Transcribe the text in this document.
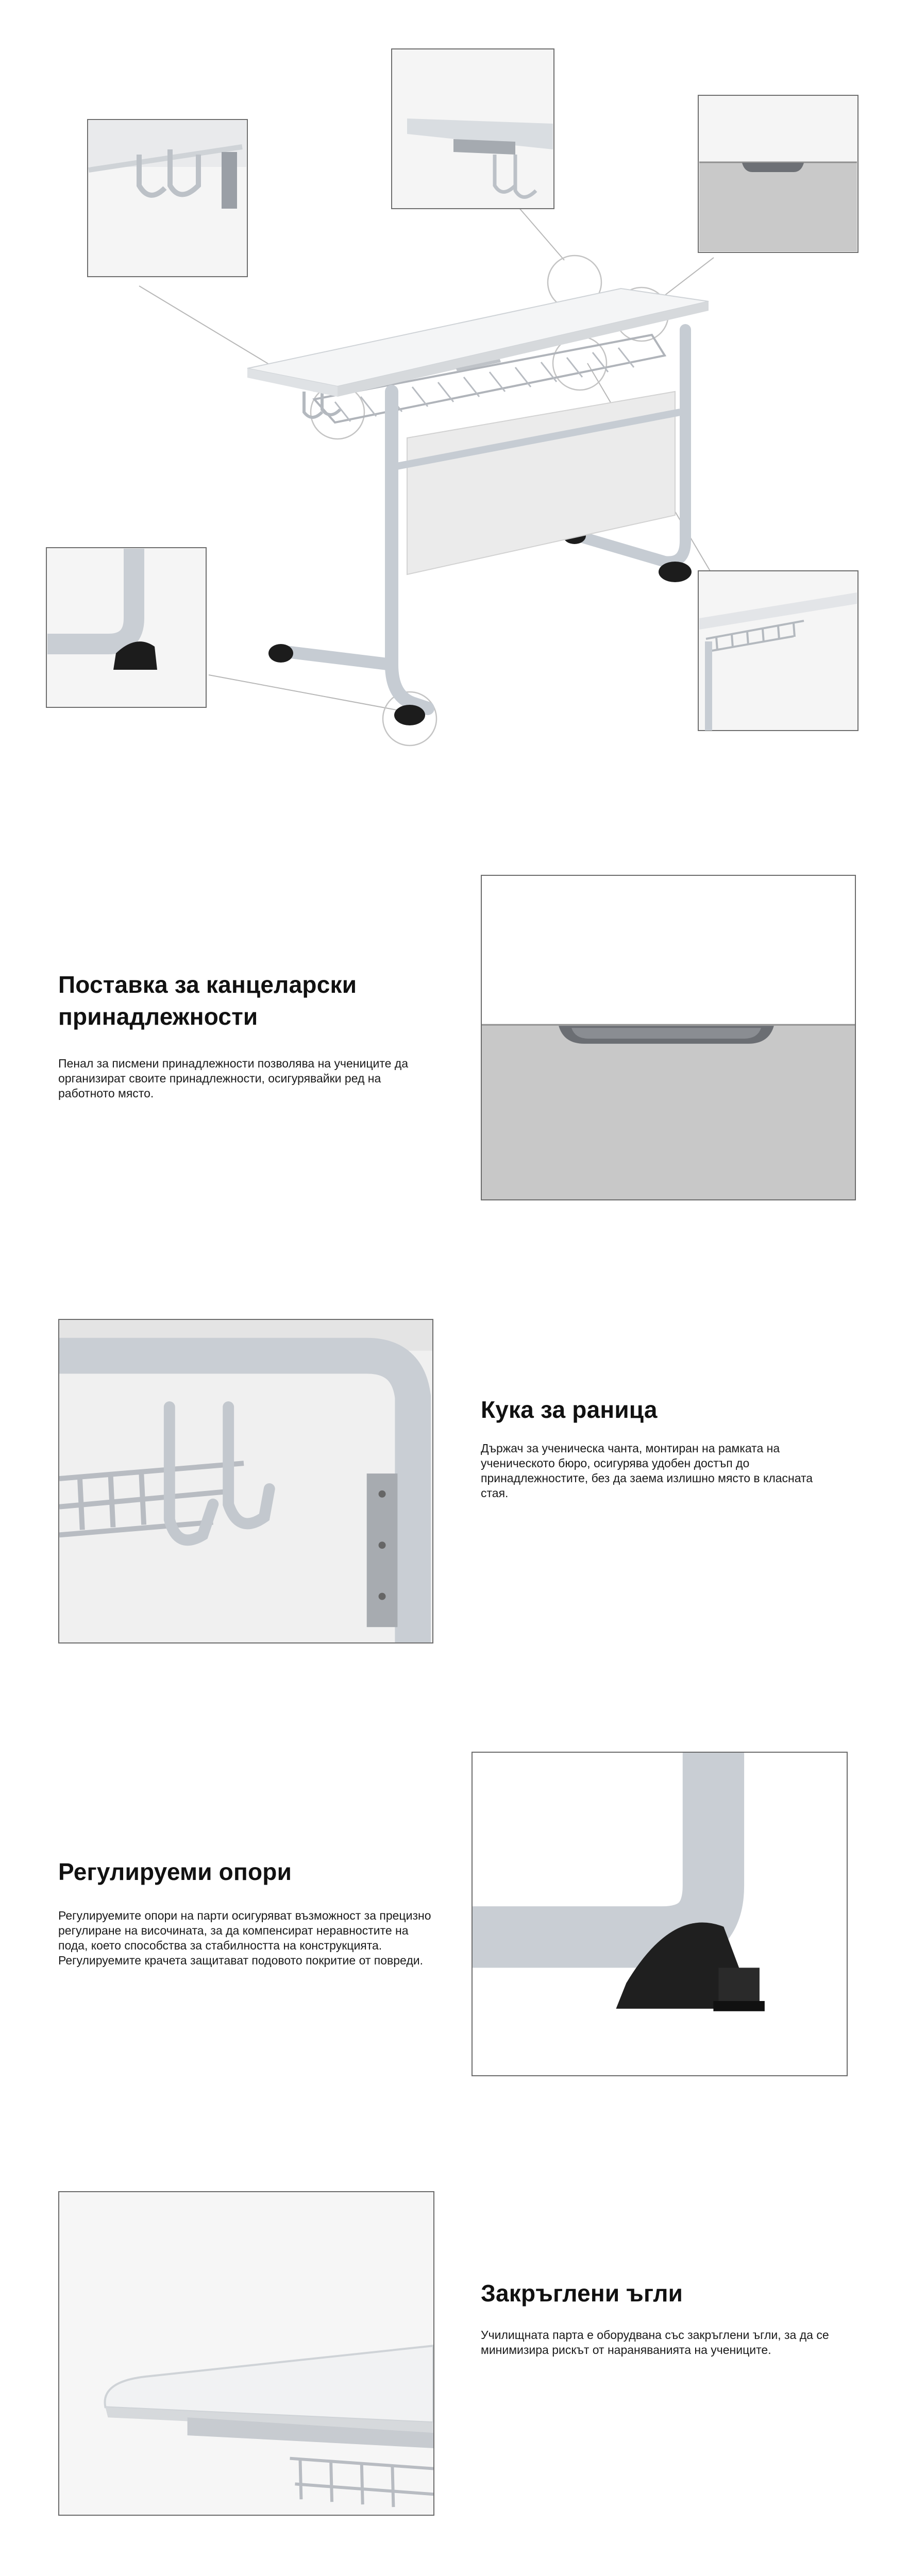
Поставка за канцеларски принадлежности

Пенал за писмени принадлежности позволява на учениците да организират своите принадлежности, осигурявайки ред на работното място.

Кука за раница

Държач за ученическа чанта, монтиран на рамката на ученическото бюро, осигурява удобен достъп до принадлежностите, без да заема излишно място в класната стая.

Регулируеми опори

Регулируемите опори на парти осигуряват възможност за прецизно регулиране на височината, за да компенсират неравностите на пода, което способства за стабилността на конструкцията. Регулируемите крачета защитават подовото покритие от повреди.

Закръглени ъгли

Училищната парта е оборудвана със закръглени ъгли, за да се минимизира рискът от нараняванията на учениците.
